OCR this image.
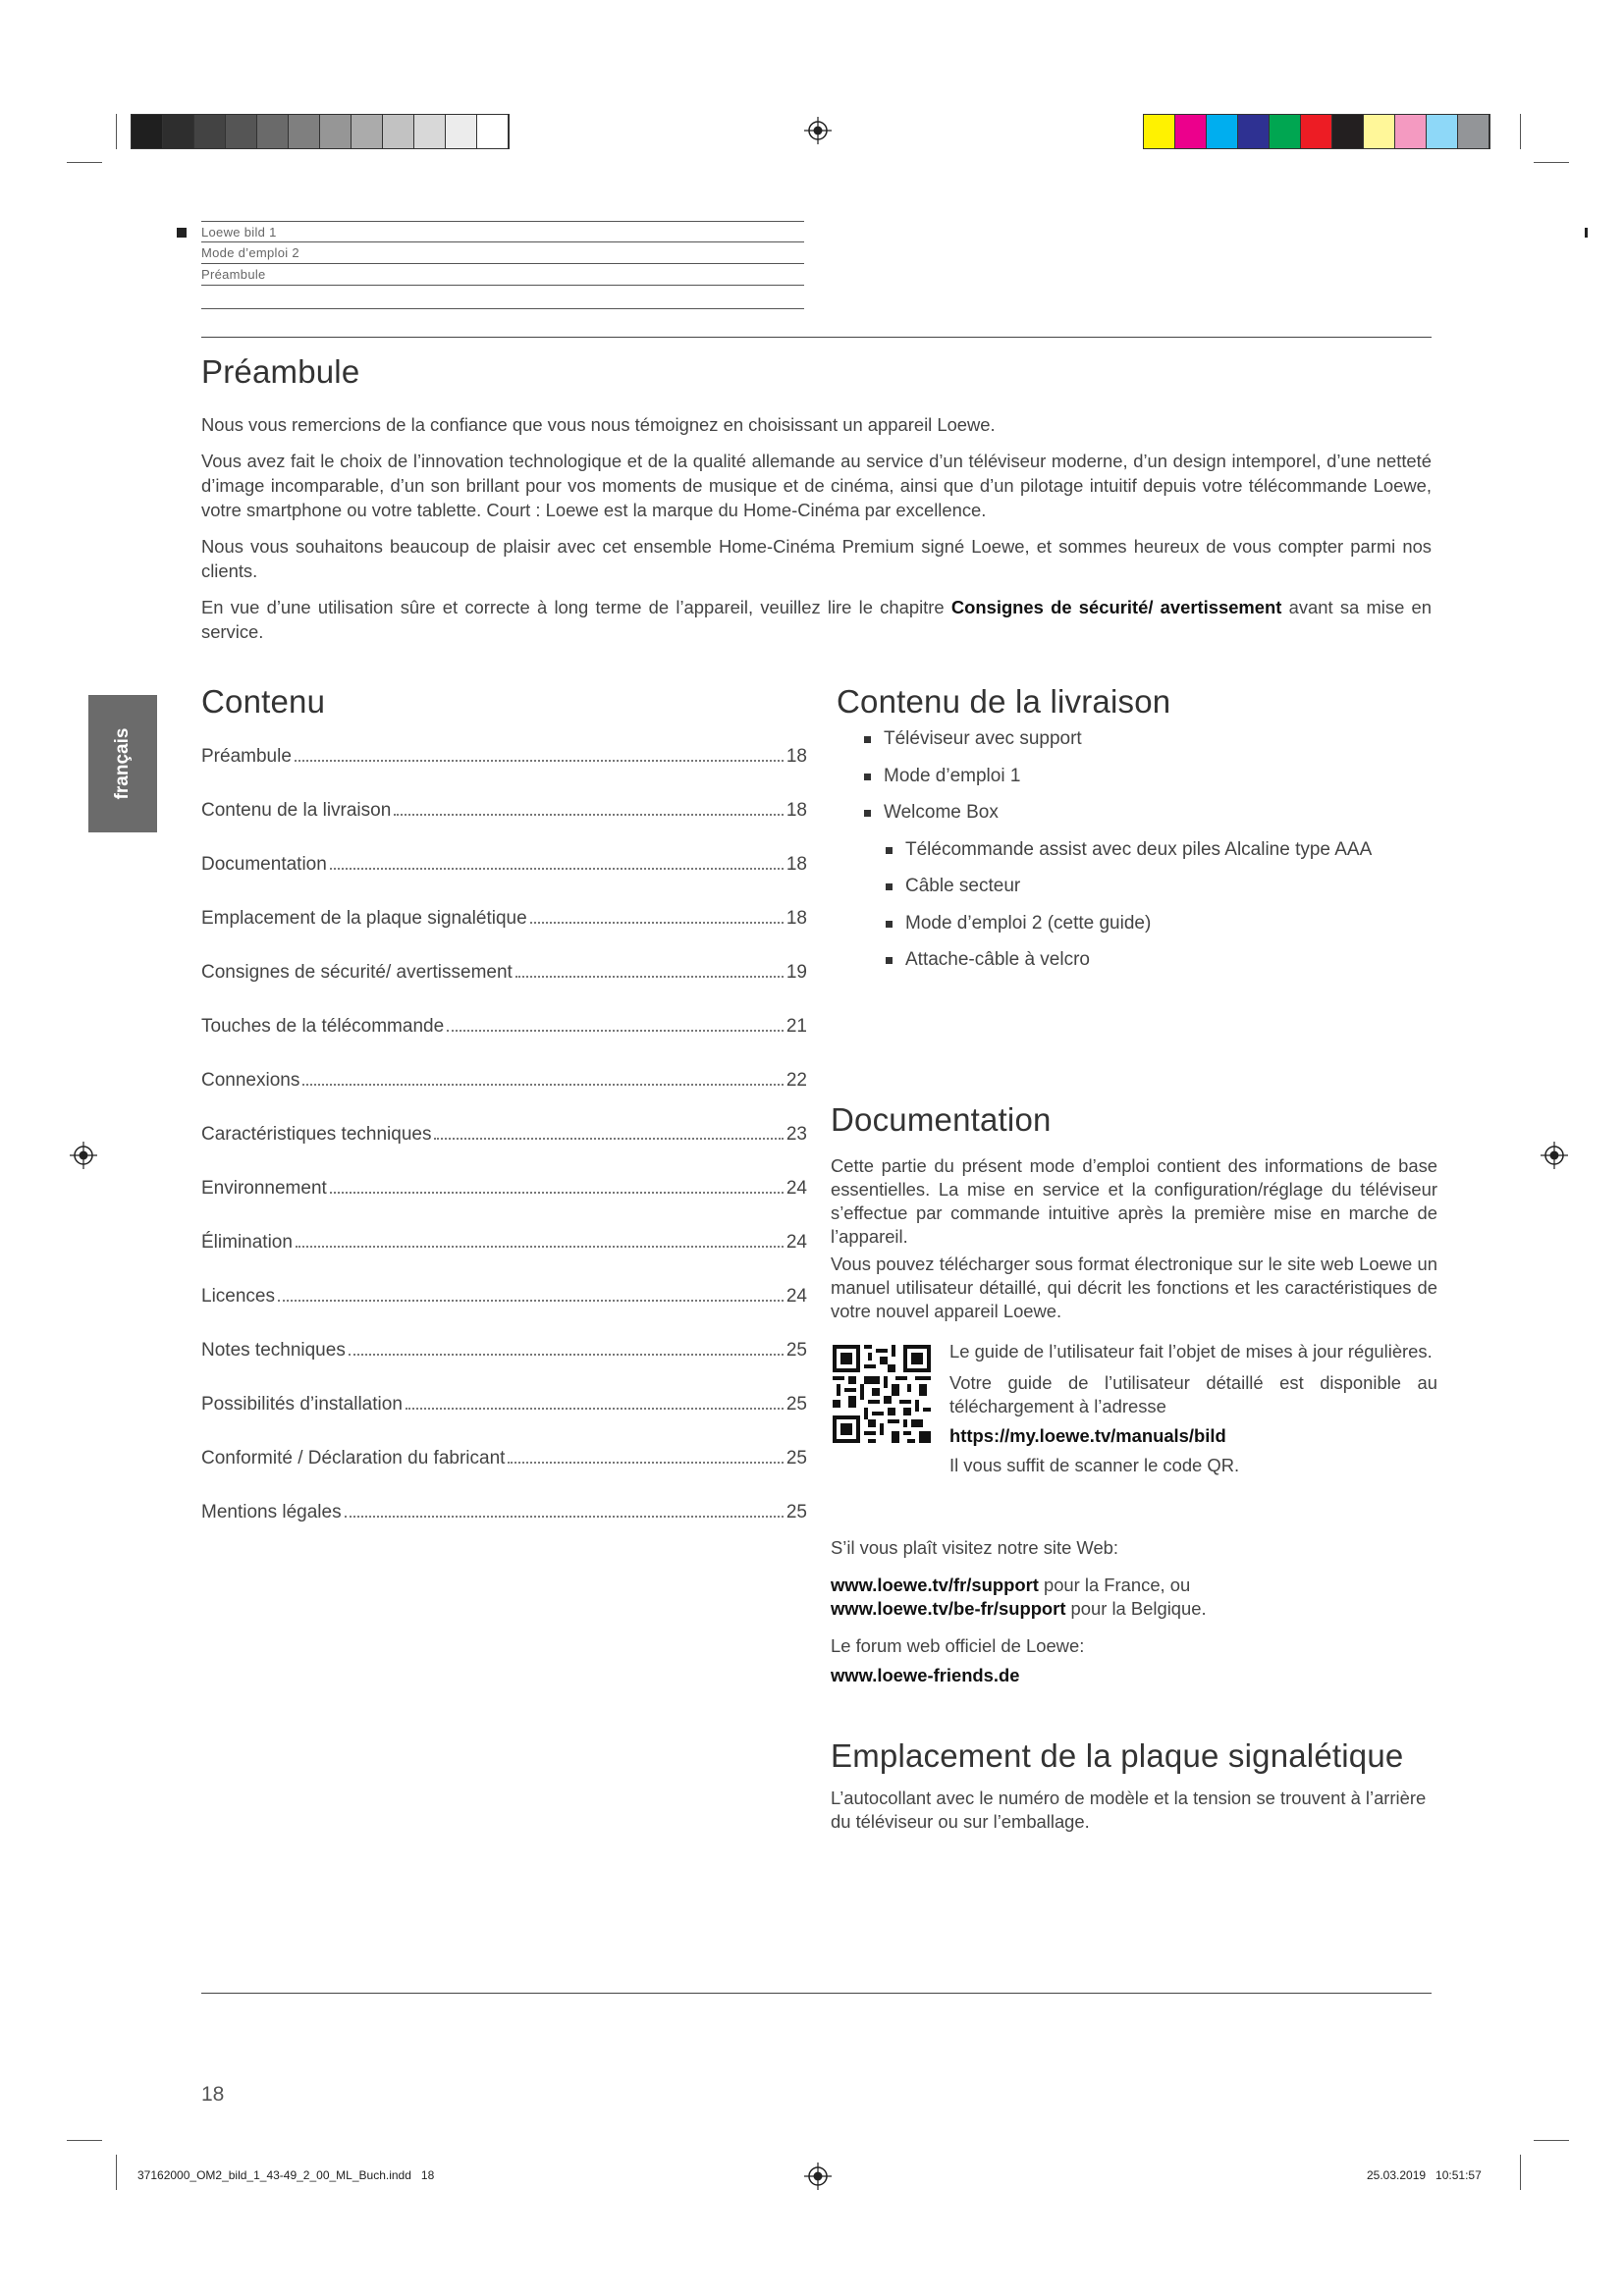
Loewe bild 1
Mode d’emploi 2
Préambule
Préambule

Nous vous remercions de la confiance que vous nous témoignez en choisissant un appareil Loewe.

Vous avez fait le choix de l’innovation technologique et de la qualité allemande au service d’un téléviseur moderne, d’un design intemporel, d’une netteté d’image incomparable, d’un son brillant pour vos moments de musique et de cinéma, ainsi que d’un pilotage intuitif depuis votre télécommande Loewe, votre smartphone ou votre tablette. Court : Loewe est la marque du Home-Cinéma par excellence.

Nous vous souhaitons beaucoup de plaisir avec cet ensemble Home-Cinéma Premium signé Loewe, et sommes heureux de vous compter parmi nos clients.

En vue d’une utilisation sûre et correcte à long terme de l’appareil, veuillez lire le chapitre Consignes de sécurité/ avertissement avant sa mise en service.

français
Contenu
Préambule	18
Contenu de la livraison	18
Documentation	18
Emplacement de la plaque signalétique	18
Consignes de sécurité/ avertissement	19
Touches de la télécommande	21
Connexions	22
Caractéristiques techniques	23
Environnement	24
Élimination	24
Licences	24
Notes techniques	25
Possibilités d’installation	25
Conformité / Déclaration du fabricant	25
Mentions légales	25
Contenu de la livraison
Téléviseur avec support
Mode d’emploi 1
Welcome Box
Télécommande assist avec deux piles Alcaline type AAA
Câble secteur
Mode d’emploi 2 (cette guide)
Attache-câble à velcro
Documentation

Cette partie du présent mode d’emploi contient des informations de base essentielles. La mise en service et la configuration/réglage du téléviseur s’effectue par commande intuitive après la première mise en marche de l’appareil.

Vous pouvez télécharger sous format électronique sur le site web Loewe un manuel utilisateur détaillé, qui décrit les fonctions et les caractéristiques de votre nouvel appareil Loewe.

Le guide de l’utilisateur fait l’objet de mises à jour régulières.

Votre guide de l’utilisateur détaillé est disponible au téléchargement à l’adresse

https://my.loewe.tv/manuals/bild

Il vous suffit de scanner le code QR.

S’il vous plaît visitez notre site Web:

www.loewe.tv/fr/support pour la France, ou

www.loewe.tv/be-fr/support pour la Belgique.

Le forum web officiel de Loewe:

www.loewe-friends.de

Emplacement de la plaque signalétique

L’autocollant avec le numéro de modèle et la tension se trouvent à l’arrière du téléviseur ou sur l’emballage.

18
37162000_OM2_bild_1_43-49_2_00_ML_Buch.indd   18	25.03.2019   10:51:57
